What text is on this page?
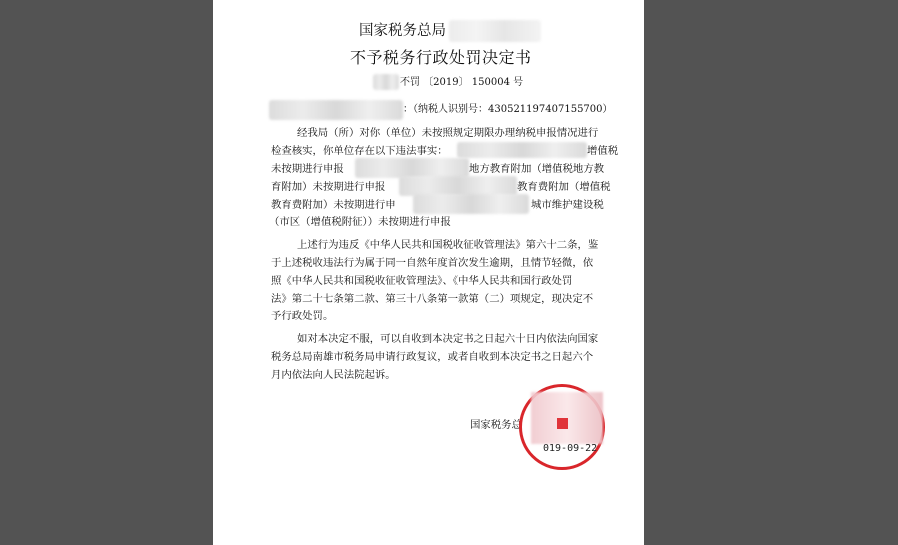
国家税务总局
不予税务行政处罚决定书
不罚 〔2019〕 150004 号
：（纳税人识别号：430521197407155700）
经我局（所）对你（单位）未按照规定期限办理纳税申报情况进行
检查核实，你单位存在以下违法事实：	增值税
未按期进行申报	地方教育附加（增值税地方教
育附加）未按期进行申报	教育费附加（增值税
教育费附加）未按期进行申	城市维护建设税
（市区（增值税附征））未按期进行申报
上述行为违反《中华人民共和国税收征收管理法》第六十二条，鉴
于上述税收违法行为属于同一自然年度首次发生逾期，且情节轻微，依
照《中华人民共和国税收征收管理法》、《中华人民共和国行政处罚
法》第二十七条第二款、第三十八条第一款第（二）项规定，现决定不
予行政处罚。
如对本决定不服，可以自收到本决定书之日起六十日内依法向国家
税务总局南雄市税务局申请行政复议，或者自收到本决定书之日起六个
月内依法向人民法院起诉。
国家税务总
019-09-22
